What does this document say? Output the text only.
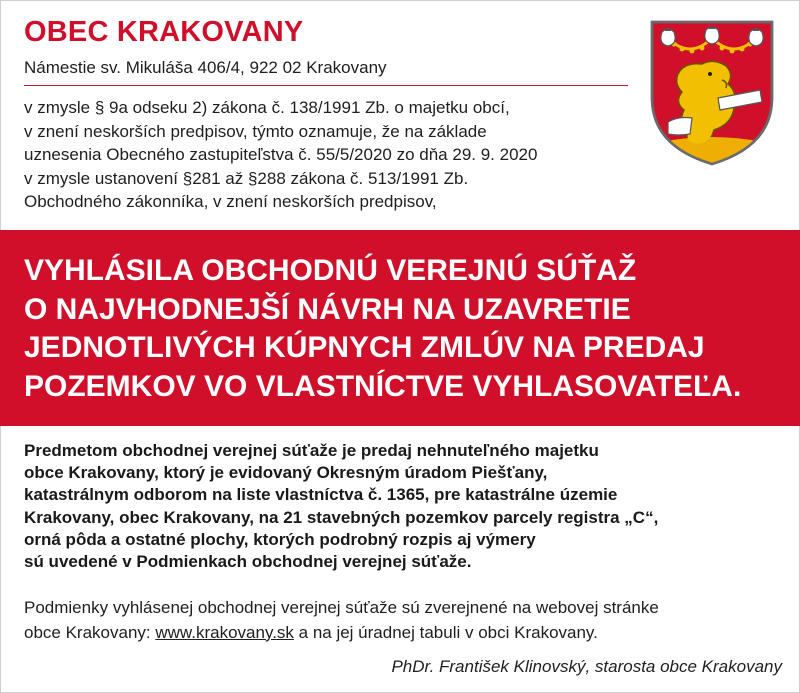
OBEC KRAKOVANY
Námestie sv. Mikuláša 406/4, 922 02 Krakovany

v zmysle § 9a odseku 2) zákona č. 138/1991 Zb. o majetku obcí,

v znení neskorších predpisov, týmto oznamuje, že na základe

uznesenia Obecného zastupiteľstva č. 55/5/2020 zo dňa 29. 9. 2020

v zmysle ustanovení §281 až §288 zákona č. 513/1991 Zb.

Obchodného zákonníka, v znení neskorších predpisov,

VYHLÁSILA OBCHODNÚ VEREJNÚ SÚŤAŽ
O NAJVHODNEJŠÍ NÁVRH NA UZAVRETIE
JEDNOTLIVÝCH KÚPNYCH ZMLÚV NA PREDAJ
POZEMKOV VO VLASTNÍCTVE VYHLASOVATEĽA.

Predmetom obchodnej verejnej súťaže je predaj nehnuteľného majetku

obce Krakovany, ktorý je evidovaný Okresným úradom Piešťany,

katastrálnym odborom na liste vlastníctva č. 1365, pre katastrálne územie

Krakovany, obec Krakovany, na 21 stavebných pozemkov parcely registra „C“,

orná pôda a ostatné plochy, ktorých podrobný rozpis aj výmery

sú uvedené v Podmienkach obchodnej verejnej súťaže.

Podmienky vyhlásenej obchodnej verejnej súťaže sú zverejnené na webovej stránke

obce Krakovany: www.krakovany.sk a na jej úradnej tabuli v obci Krakovany.

PhDr. František Klinovský, starosta obce Krakovany
